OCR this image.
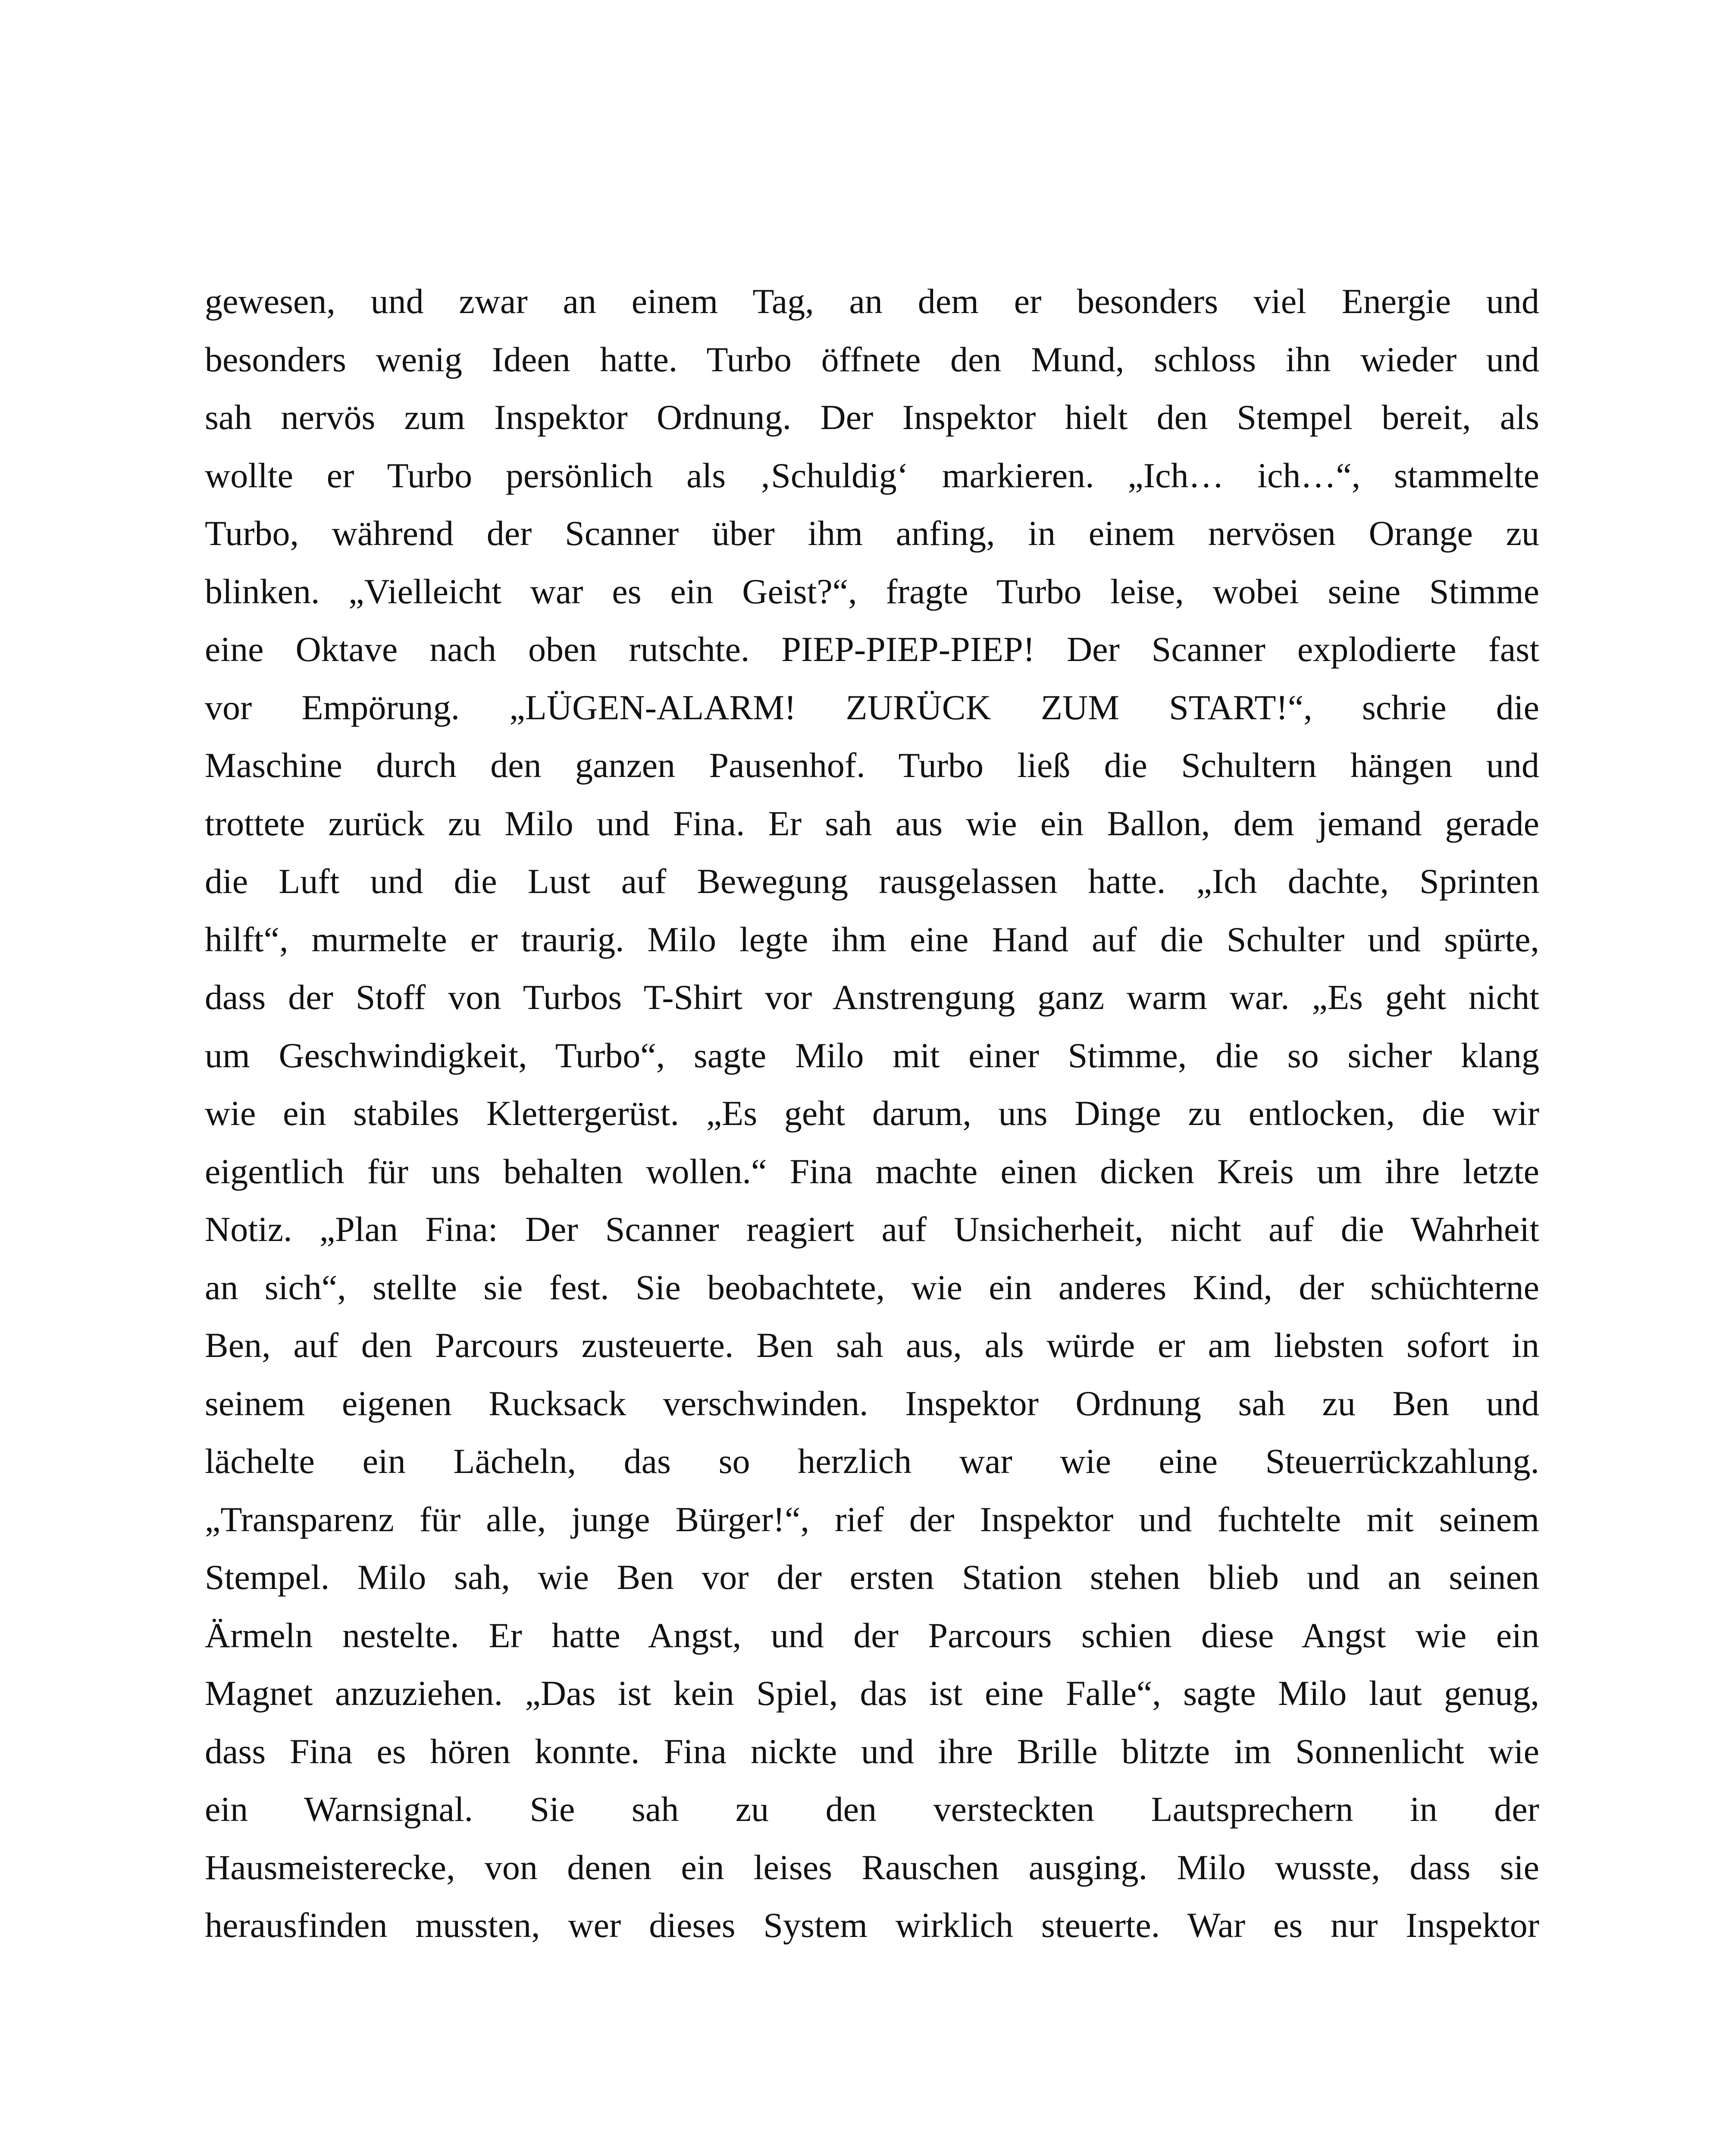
gewesen, und zwar an einem Tag, an dem er besonders viel Energie und
besonders wenig Ideen hatte. Turbo öffnete den Mund, schloss ihn wieder und
sah nervös zum Inspektor Ordnung. Der Inspektor hielt den Stempel bereit, als
wollte er Turbo persönlich als ‚Schuldig‘ markieren. „Ich… ich…“, stammelte
Turbo, während der Scanner über ihm anfing, in einem nervösen Orange zu
blinken. „Vielleicht war es ein Geist?“, fragte Turbo leise, wobei seine Stimme
eine Oktave nach oben rutschte. PIEP-PIEP-PIEP! Der Scanner explodierte fast
vor Empörung. „LÜGEN-ALARM! ZURÜCK ZUM START!“, schrie die
Maschine durch den ganzen Pausenhof. Turbo ließ die Schultern hängen und
trottete zurück zu Milo und Fina. Er sah aus wie ein Ballon, dem jemand gerade
die Luft und die Lust auf Bewegung rausgelassen hatte. „Ich dachte, Sprinten
hilft“, murmelte er traurig. Milo legte ihm eine Hand auf die Schulter und spürte,
dass der Stoff von Turbos T-Shirt vor Anstrengung ganz warm war. „Es geht nicht
um Geschwindigkeit, Turbo“, sagte Milo mit einer Stimme, die so sicher klang
wie ein stabiles Klettergerüst. „Es geht darum, uns Dinge zu entlocken, die wir
eigentlich für uns behalten wollen.“ Fina machte einen dicken Kreis um ihre letzte
Notiz. „Plan Fina: Der Scanner reagiert auf Unsicherheit, nicht auf die Wahrheit
an sich“, stellte sie fest. Sie beobachtete, wie ein anderes Kind, der schüchterne
Ben, auf den Parcours zusteuerte. Ben sah aus, als würde er am liebsten sofort in
seinem eigenen Rucksack verschwinden. Inspektor Ordnung sah zu Ben und
lächelte ein Lächeln, das so herzlich war wie eine Steuerrückzahlung.
„Transparenz für alle, junge Bürger!“, rief der Inspektor und fuchtelte mit seinem
Stempel. Milo sah, wie Ben vor der ersten Station stehen blieb und an seinen
Ärmeln nestelte. Er hatte Angst, und der Parcours schien diese Angst wie ein
Magnet anzuziehen. „Das ist kein Spiel, das ist eine Falle“, sagte Milo laut genug,
dass Fina es hören konnte. Fina nickte und ihre Brille blitzte im Sonnenlicht wie
ein Warnsignal. Sie sah zu den versteckten Lautsprechern in der
Hausmeisterecke, von denen ein leises Rauschen ausging. Milo wusste, dass sie
herausfinden mussten, wer dieses System wirklich steuerte. War es nur Inspektor
